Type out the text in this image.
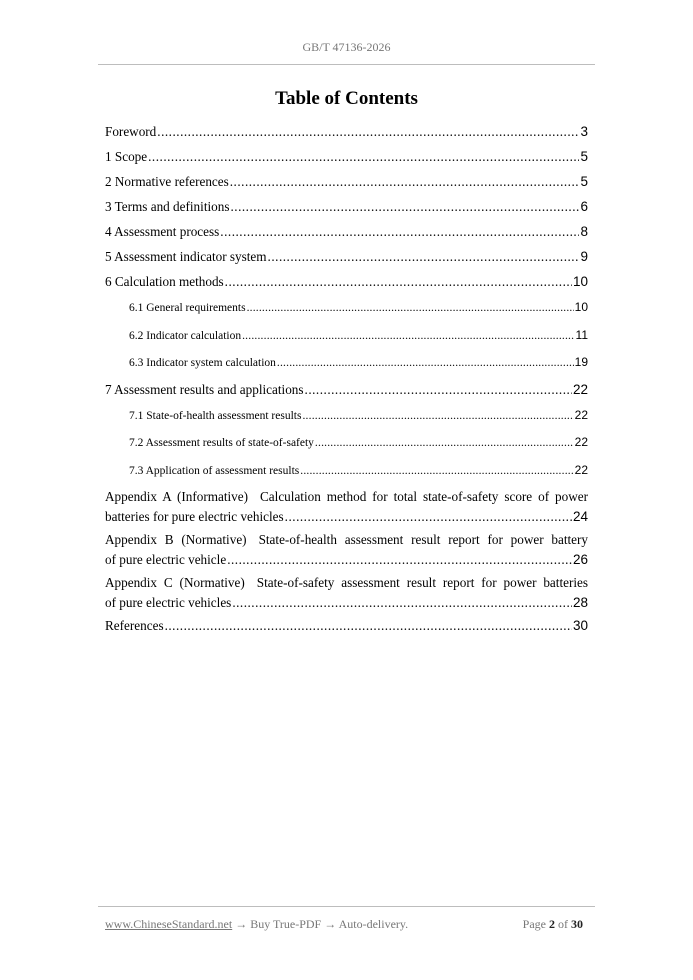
GB/T 47136-2026
Table of Contents
Foreword .....	3
1 Scope .....	5
2 Normative references .....	5
3 Terms and definitions .....	6
4 Assessment process .....	8
5 Assessment indicator system .....	9
6 Calculation methods .....	10
6.1 General requirements .....	10
6.2 Indicator calculation .....	11
6.3 Indicator system calculation .....	19
7 Assessment results and applications .....	22
7.1 State-of-health assessment results .....	22
7.2 Assessment results of state-of-safety .....	22
7.3 Application of assessment results .....	22
Appendix A (Informative) Calculation method for total state-of-safety score of power
batteries for pure electric vehicles .....	24
Appendix B (Normative) State-of-health assessment result report for power battery
of pure electric vehicle .....	26
Appendix C (Normative) State-of-safety assessment result report for power batteries
of pure electric vehicles .....	28
References .....	30
www.ChineseStandard.net → Buy True-PDF → Auto-delivery.	Page 2 of 30
